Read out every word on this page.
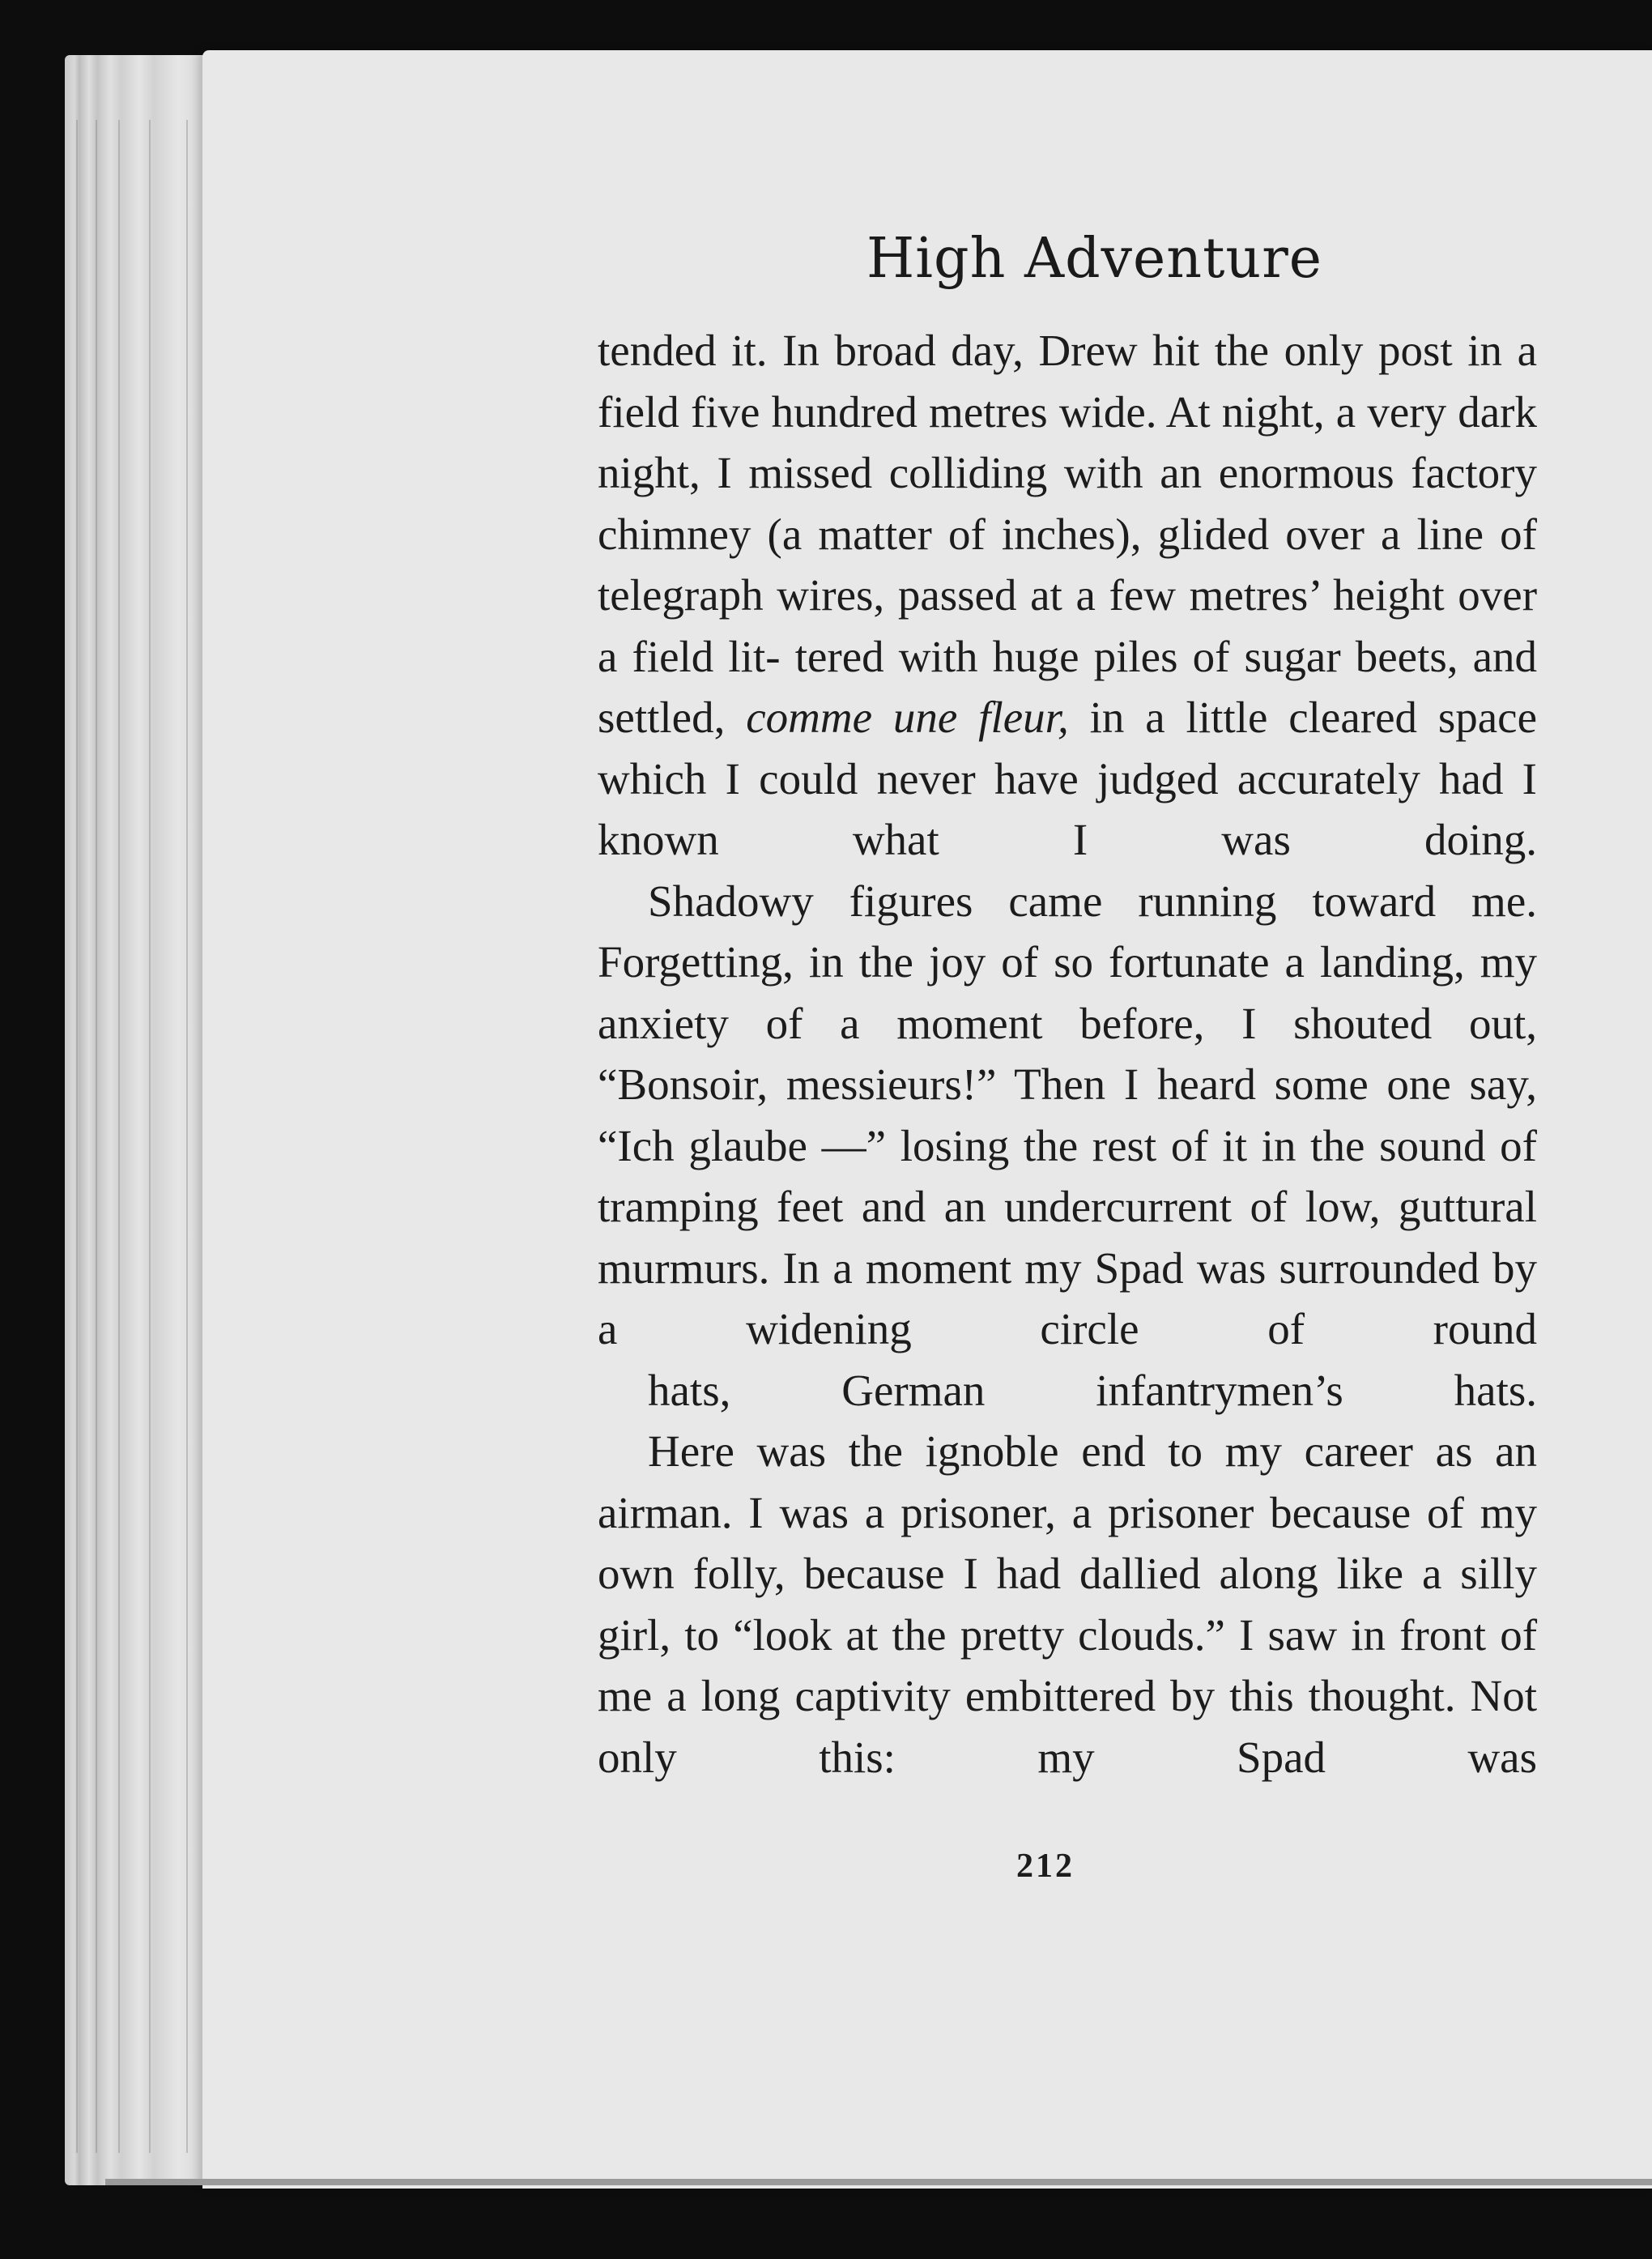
High Adventure

tended it. In broad day, Drew hit the only post in a field five hundred metres wide. At night, a very dark night, I missed colliding with an enormous factory chimney (a matter of inches), glided over a line of telegraph wires, passed at a few metres’ height over a field lit- tered with huge piles of sugar beets, and settled, comme une fleur, in a little cleared space which I could never have judged accurately had I
known what I was doing.

Shadowy figures came running toward me. Forgetting, in the joy of so fortunate a landing, my anxiety of a moment before, I shouted out, “Bonsoir, messieurs!” Then I heard some one say, “Ich glaube —” losing the rest of it in the sound of tramping feet and an undercurrent of low, guttural murmurs. In a moment my Spad was surrounded by a widening circle of round
hats, German infantrymen’s hats.

Here was the ignoble end to my career as an airman. I was a prisoner, a prisoner because of my own folly, because I had dallied along like a silly girl, to “look at the pretty clouds.” I saw in front of me a long captivity embittered by this thought. Not only this: my Spad was

212
